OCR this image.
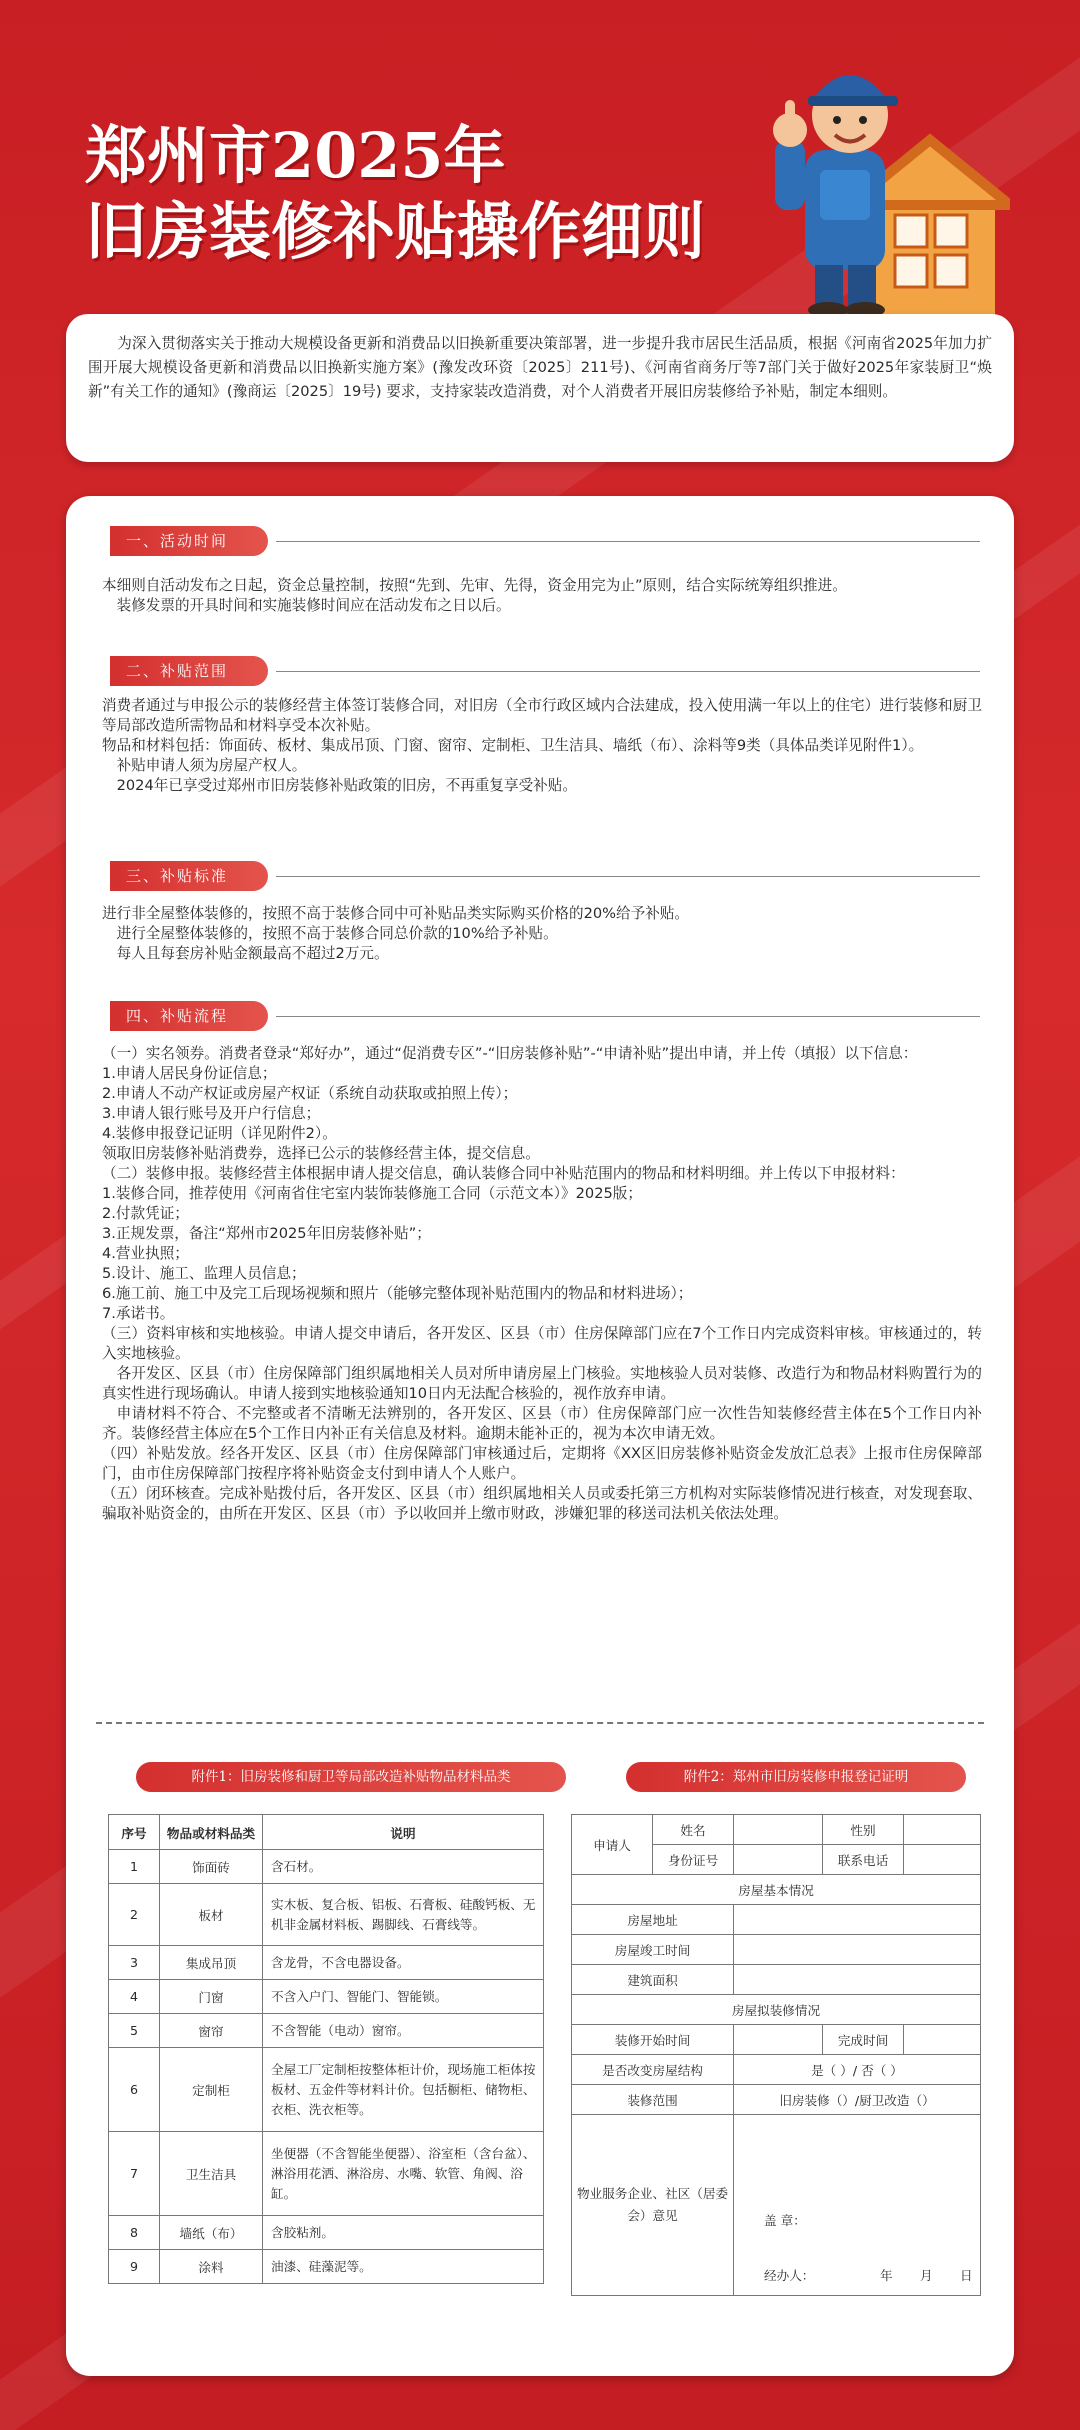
郑州市2025年
旧房装修补贴操作细则
为深入贯彻落实关于推动大规模设备更新和消费品以旧换新重要决策部署，进一步提升我市居民生活品质，根据《河南省2025年加力扩围开展大规模设备更新和消费品以旧换新实施方案》(豫发改环资〔2025〕211号)、《河南省商务厅等7部门关于做好2025年家装厨卫“焕新”有关工作的通知》(豫商运〔2025〕19号) 要求，支持家装改造消费，对个人消费者开展旧房装修给予补贴，制定本细则。
一、活动时间

本细则自活动发布之日起，资金总量控制，按照“先到、先审、先得，资金用完为止”原则，结合实际统筹组织推进。

装修发票的开具时间和实施装修时间应在活动发布之日以后。

二、补贴范围

消费者通过与申报公示的装修经营主体签订装修合同，对旧房（全市行政区域内合法建成，投入使用满一年以上的住宅）进行装修和厨卫等局部改造所需物品和材料享受本次补贴。

物品和材料包括：饰面砖、板材、集成吊顶、门窗、窗帘、定制柜、卫生洁具、墙纸（布）、涂料等9类（具体品类详见附件1）。

补贴申请人须为房屋产权人。

2024年已享受过郑州市旧房装修补贴政策的旧房，不再重复享受补贴。

三、补贴标准

进行非全屋整体装修的，按照不高于装修合同中可补贴品类实际购买价格的20%给予补贴。

进行全屋整体装修的，按照不高于装修合同总价款的10%给予补贴。

每人且每套房补贴金额最高不超过2万元。

四、补贴流程

（一）实名领券。消费者登录“郑好办”，通过“促消费专区”-“旧房装修补贴”-“申请补贴”提出申请，并上传（填报）以下信息：

1.申请人居民身份证信息；

2.申请人不动产权证或房屋产权证（系统自动获取或拍照上传）；

3.申请人银行账号及开户行信息；

4.装修申报登记证明（详见附件2）。

领取旧房装修补贴消费券，选择已公示的装修经营主体，提交信息。

（二）装修申报。装修经营主体根据申请人提交信息，确认装修合同中补贴范围内的物品和材料明细。并上传以下申报材料：

1.装修合同，推荐使用《河南省住宅室内装饰装修施工合同（示范文本）》2025版；

2.付款凭证；

3.正规发票，备注“郑州市2025年旧房装修补贴”；

4.营业执照；

5.设计、施工、监理人员信息；

6.施工前、施工中及完工后现场视频和照片（能够完整体现补贴范围内的物品和材料进场）；

7.承诺书。

（三）资料审核和实地核验。申请人提交申请后，各开发区、区县（市）住房保障部门应在7个工作日内完成资料审核。审核通过的，转入实地核验。

各开发区、区县（市）住房保障部门组织属地相关人员对所申请房屋上门核验。实地核验人员对装修、改造行为和物品材料购置行为的真实性进行现场确认。申请人接到实地核验通知10日内无法配合核验的，视作放弃申请。

申请材料不符合、不完整或者不清晰无法辨别的，各开发区、区县（市）住房保障部门应一次性告知装修经营主体在5个工作日内补齐。装修经营主体应在5个工作日内补正有关信息及材料。逾期未能补正的，视为本次申请无效。

（四）补贴发放。经各开发区、区县（市）住房保障部门审核通过后，定期将《XX区旧房装修补贴资金发放汇总表》上报市住房保障部门，由市住房保障部门按程序将补贴资金支付到申请人个人账户。

（五）闭环核查。完成补贴拨付后，各开发区、区县（市）组织属地相关人员或委托第三方机构对实际装修情况进行核查，对发现套取、骗取补贴资金的，由所在开发区、区县（市）予以收回并上缴市财政，涉嫌犯罪的移送司法机关依法处理。

附件1：旧房装修和厨卫等局部改造补贴物品材料品类
序号	物品或材料品类	说明
1	饰面砖	含石材。
2	板材	实木板、复合板、铝板、石膏板、硅酸钙板、无机非金属材料板、踢脚线、石膏线等。
3	集成吊顶	含龙骨，不含电器设备。
4	门窗	不含入户门、智能门、智能锁。
5	窗帘	不含智能（电动）窗帘。
6	定制柜	全屋工厂定制柜按整体柜计价，现场施工柜体按板材、五金件等材料计价。包括橱柜、储物柜、衣柜、洗衣柜等。
7	卫生洁具	坐便器（不含智能坐便器）、浴室柜（含台盆）、淋浴用花洒、淋浴房、水嘴、软管、角阀、浴缸。
8	墙纸（布）	含胶粘剂。
9	涂料	油漆、硅藻泥等。
附件2：郑州市旧房装修申报登记证明
申请人	姓名		性别	
	身份证号		联系电话	
房屋基本情况				
房屋地址				
房屋竣工时间				
建筑面积				
房屋拟装修情况				
装修开始时间			完成时间	
是否改变房屋结构		是（ ）/ 否（ ）		
装修范围		旧房装修（）/厨卫改造（）		
物业服务企业、社区（居委会）意见		盖 章：
经办人： 年 月 日		
